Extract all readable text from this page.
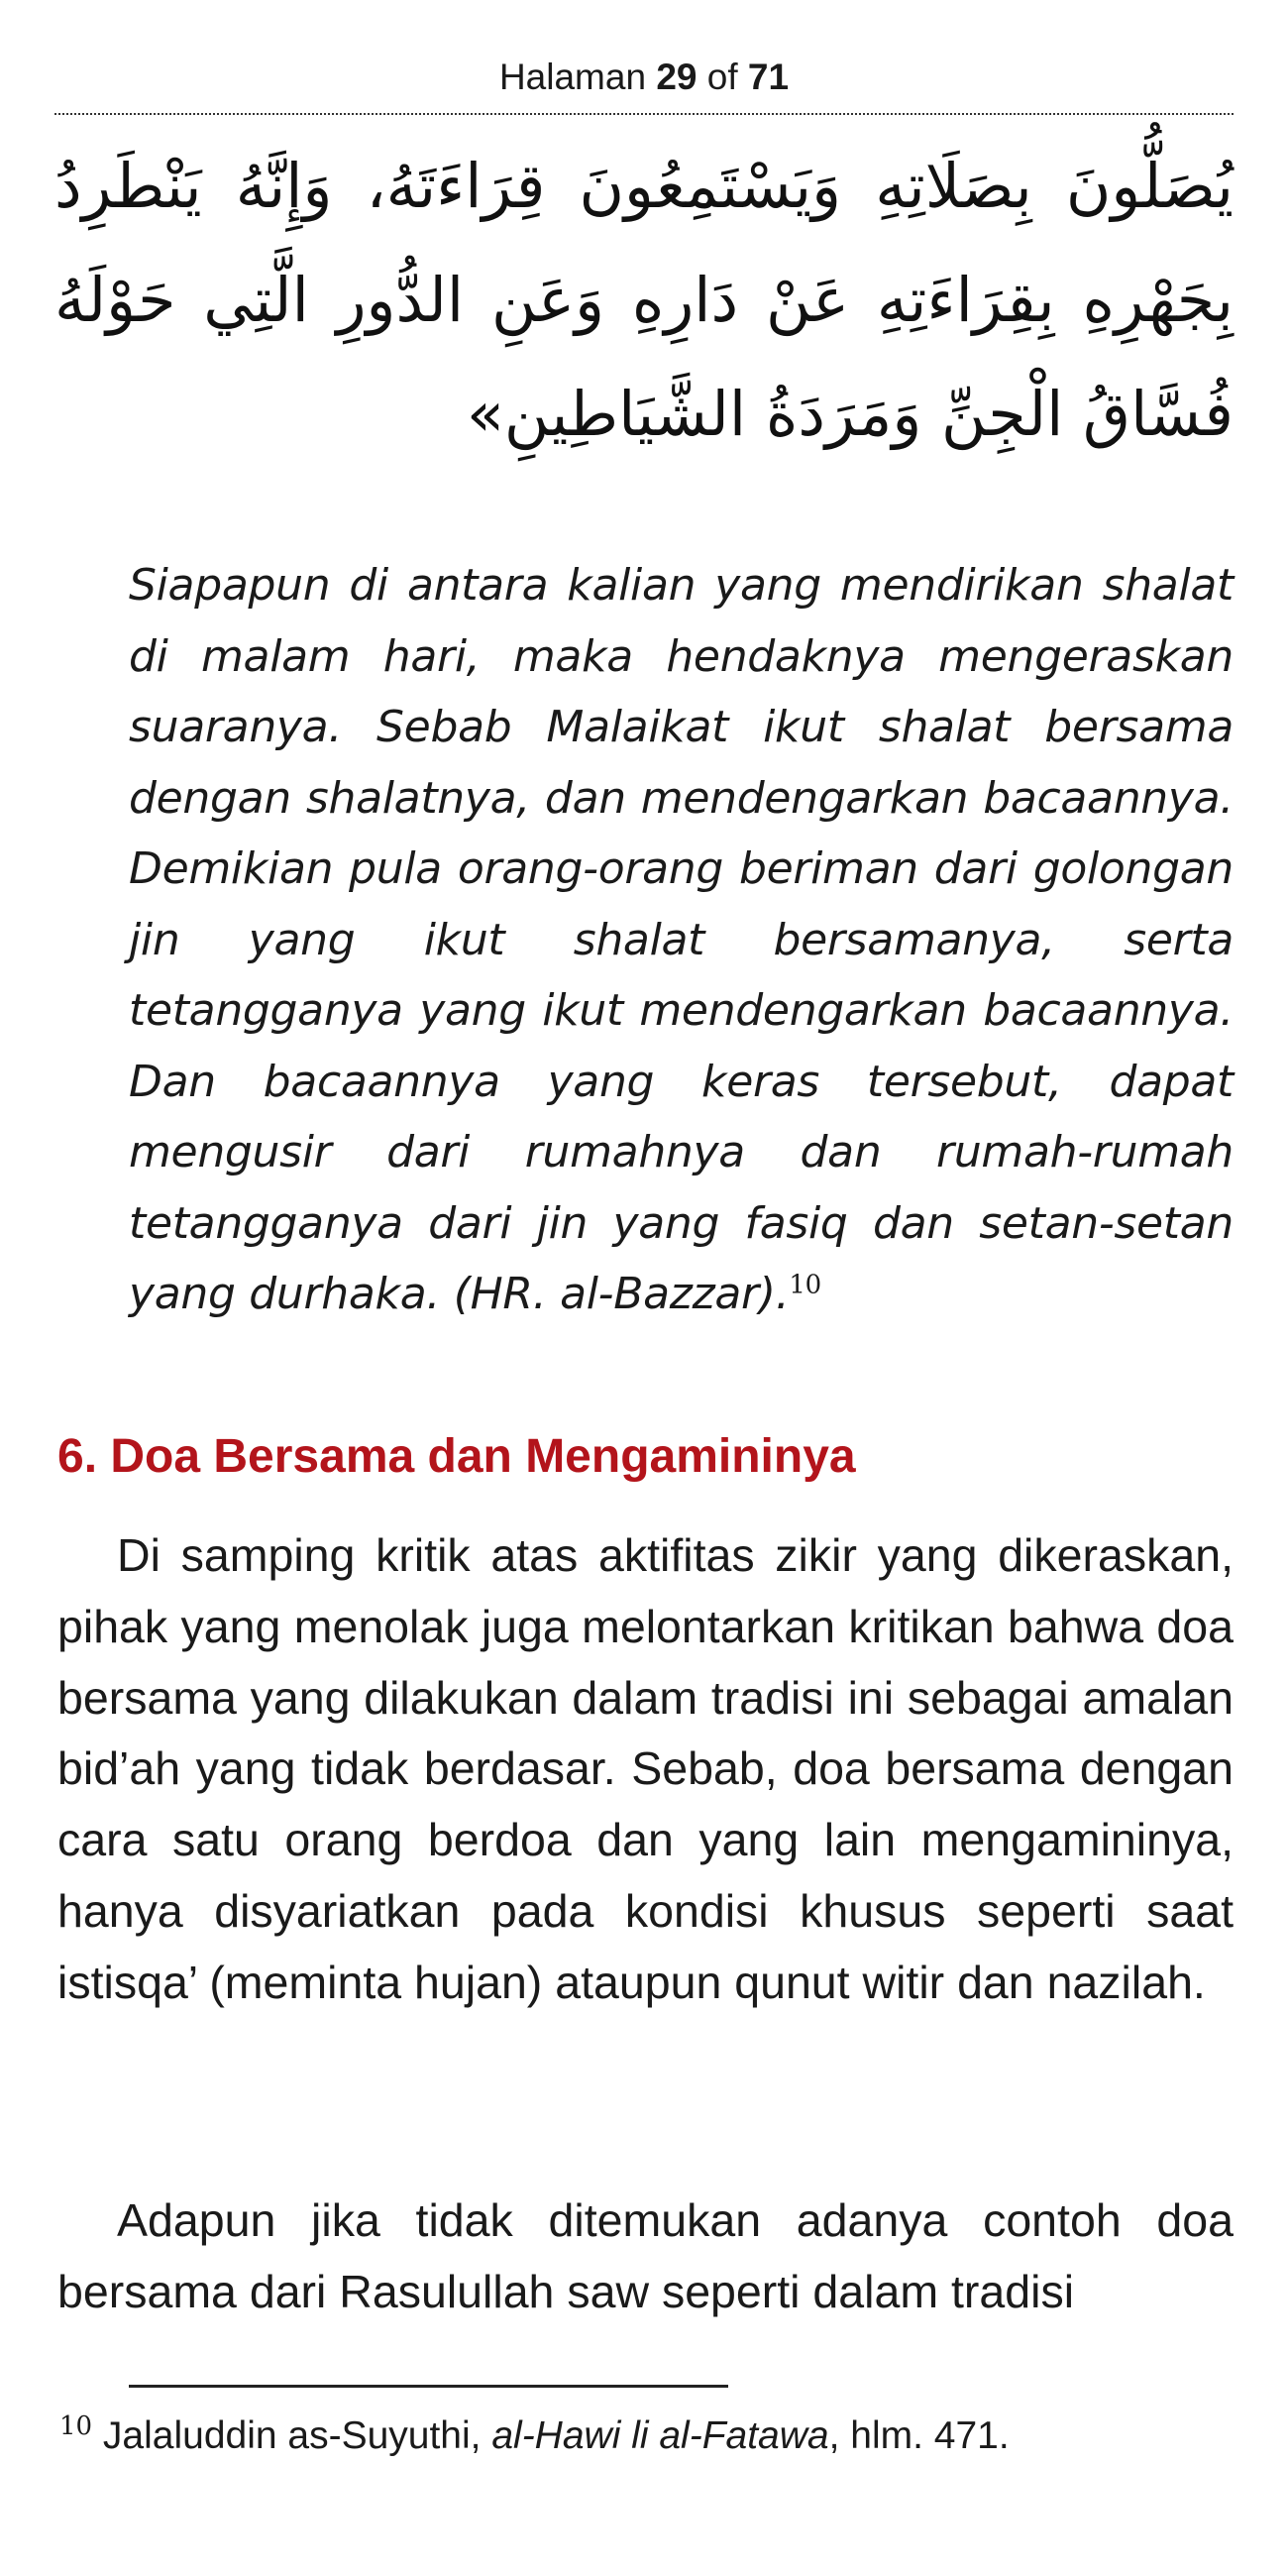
Halaman 29 of 71
يُصَلُّونَ بِصَلَاتِهِ وَيَسْتَمِعُونَ قِرَاءَتَهُ، وَإِنَّهُ يَنْطَرِدُ بِجَهْرِهِ بِقِرَاءَتِهِ عَنْ دَارِهِ وَعَنِ الدُّورِ الَّتِي حَوْلَهُ فُسَّاقُ الْجِنِّ وَمَرَدَةُ الشَّيَاطِينِ»
Siapapun di antara kalian yang mendirikan shalat di malam hari, maka hendaknya mengeraskan suaranya. Sebab Malaikat ikut shalat bersama dengan shalatnya, dan mendengarkan bacaannya. Demikian pula orang-orang beriman dari golongan jin yang ikut shalat bersamanya, serta tetangganya yang ikut mendengarkan bacaannya. Dan bacaannya yang keras tersebut, dapat mengusir dari rumahnya dan rumah-rumah tetangganya dari jin yang fasiq dan setan-setan yang durhaka. (HR. al-Bazzar).$^{10}$
6. Doa Bersama dan Mengamininya
Di samping kritik atas aktifitas zikir yang dikeraskan, pihak yang menolak juga melontarkan kritikan bahwa doa bersama yang dilakukan dalam tradisi ini sebagai amalan bid’ah yang tidak berdasar. Sebab, doa bersama dengan cara satu orang berdoa dan yang lain mengamininya, hanya disyariatkan pada kondisi khusus seperti saat istisqa’ (meminta hujan) ataupun qunut witir dan nazilah.
Adapun jika tidak ditemukan adanya contoh doa bersama dari Rasulullah saw seperti dalam tradisi
$^{10}$ Jalaluddin as-Suyuthi, al-Hawi li al-Fatawa, hlm. 471.
